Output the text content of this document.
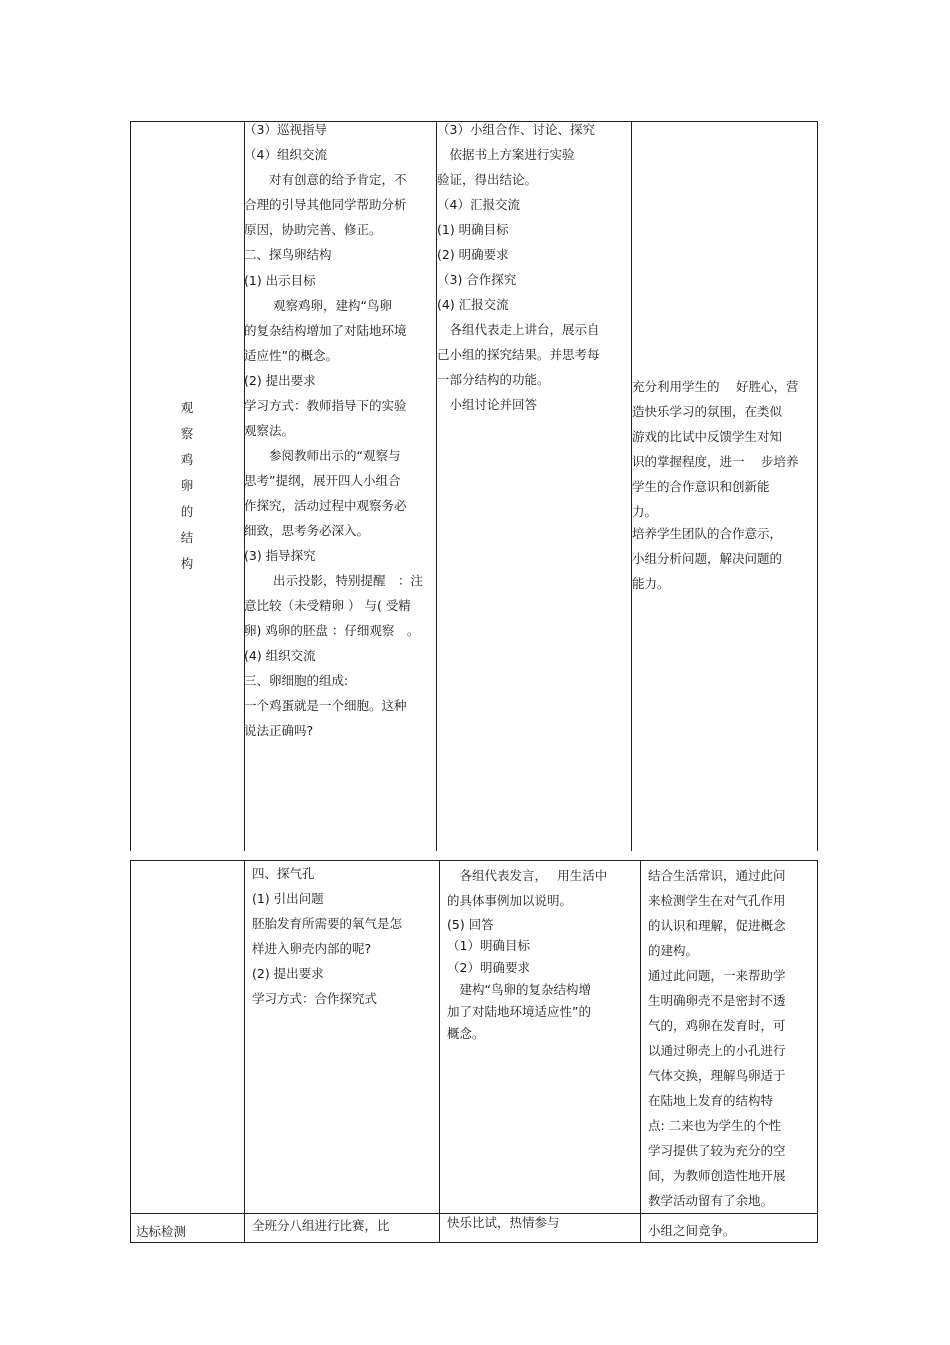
观
察
鸡
卵
的
结
构
（3）巡视指导
（4）组织交流
　　对有创意的给予肯定，不
合理的引导其他同学帮助分析
原因，协助完善、修正。
二、探鸟卵结构
(1) 出示目标
　　 观察鸡卵，建构“鸟卵
的复杂结构增加了对陆地环境
适应性”的概念。
(2) 提出要求
学习方式：教师指导下的实验
观察法。
　　参阅教师出示的“观察与
思考”提纲，展开四人小组合
作探究，活动过程中观察务必
细致，思考务必深入。
(3) 指导探究
　　 出示投影，特别提醒　：注
意比较（未受精卵 ） 与( 受精
卵) 鸡卵的胚盘 ：仔细观察　。
(4) 组织交流
三、卵细胞的组成:
一个鸡蛋就是一个细胞。这种
说法正确吗?
（3）小组合作、讨论、探究
　依据书上方案进行实验
验证，得出结论。
（4）汇报交流
(1) 明确目标
(2) 明确要求
（3) 合作探究
(4) 汇报交流
　各组代表走上讲台，展示自
己小组的探究结果。并思考每
一部分结构的功能。
　小组讨论并回答
充分利用学生的　 好胜心，营
造快乐学习的氛围，在类似
游戏的比试中反馈学生对知
识的掌握程度，进一　 步培养
学生的合作意识和创新能
力。
培养学生团队的合作意示，
小组分析问题，解决问题的
能力。
四、探气孔
(1) 引出问题
胚胎发育所需要的氧气是怎
样进入卵壳内部的呢?
(2) 提出要求
学习方式：合作探究式
　各组代表发言，　 用生活中
的具体事例加以说明。
(5) 回答
（1）明确目标
（2）明确要求
　建构“鸟卵的复杂结构增
加了对陆地环境适应性”的
概念。
结合生活常识，通过此问
来检测学生在对气孔作用
的认识和理解，促进概念
的建构。
通过此问题，一来帮助学
生明确卵壳不是密封不透
气的，鸡卵在发育时，可
以通过卵壳上的小孔进行
气体交换，理解鸟卵适于
在陆地上发育的结构特
点: 二来也为学生的个性
学习提供了较为充分的空
间，为教师创造性地开展
教学活动留有了余地。
达标检测	全班分八组进行比赛，比	快乐比试，热情参与
小组之间竞争。
